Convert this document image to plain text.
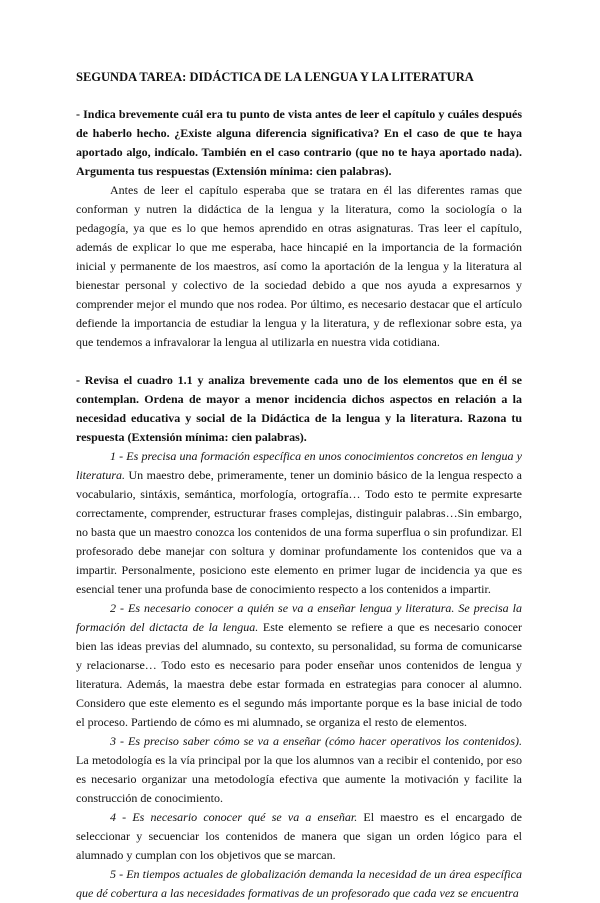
SEGUNDA TAREA: DIDÁCTICA DE LA LENGUA Y LA LITERATURA

- Indica brevemente cuál era tu punto de vista antes de leer el capítulo y cuáles después de haberlo hecho. ¿Existe alguna diferencia significativa? En el caso de que te haya aportado algo, indícalo. También en el caso contrario (que no te haya aportado nada). Argumenta tus respuestas (Extensión mínima: cien palabras).

Antes de leer el capítulo esperaba que se tratara en él las diferentes ramas que conforman y nutren la didáctica de la lengua y la literatura, como la sociología o la pedagogía, ya que es lo que hemos aprendido en otras asignaturas. Tras leer el capítulo, además de explicar lo que me esperaba, hace hincapié en la importancia de la formación inicial y permanente de los maestros, así como la aportación de la lengua y la literatura al bienestar personal y colectivo de la sociedad debido a que nos ayuda a expresarnos y comprender mejor el mundo que nos rodea. Por último, es necesario destacar que el artículo defiende la importancia de estudiar la lengua y la literatura, y de reflexionar sobre esta, ya que tendemos a infravalorar la lengua al utilizarla en nuestra vida cotidiana.

- Revisa el cuadro 1.1 y analiza brevemente cada uno de los elementos que en él se contemplan. Ordena de mayor a menor incidencia dichos aspectos en relación a la necesidad educativa y social de la Didáctica de la lengua y la literatura. Razona tu respuesta (Extensión mínima: cien palabras).

1 - Es precisa una formación específica en unos conocimientos concretos en lengua y literatura. Un maestro debe, primeramente, tener un dominio básico de la lengua respecto a vocabulario, sintáxis, semántica, morfología, ortografía… Todo esto te permite expresarte correctamente, comprender, estructurar frases complejas, distinguir palabras…Sin embargo, no basta que un maestro conozca los contenidos de una forma superflua o sin profundizar. El profesorado debe manejar con soltura y dominar profundamente los contenidos que va a impartir. Personalmente, posiciono este elemento en primer lugar de incidencia ya que es esencial tener una profunda base de conocimiento respecto a los contenidos a impartir.

2 - Es necesario conocer a quién se va a enseñar lengua y literatura. Se precisa la formación del dictacta de la lengua. Este elemento se refiere a que es necesario conocer bien las ideas previas del alumnado, su contexto, su personalidad, su forma de comunicarse y relacionarse… Todo esto es necesario para poder enseñar unos contenidos de lengua y literatura. Además, la maestra debe estar formada en estrategias para conocer al alumno. Considero que este elemento es el segundo más importante porque es la base inicial de todo el proceso. Partiendo de cómo es mi alumnado, se organiza el resto de elementos.

3 - Es preciso saber cómo se va a enseñar (cómo hacer operativos los contenidos). La metodología es la vía principal por la que los alumnos van a recibir el contenido, por eso es necesario organizar una metodología efectiva que aumente la motivación y facilite la construcción de conocimiento.

4 - Es necesario conocer qué se va a enseñar. El maestro es el encargado de seleccionar y secuenciar los contenidos de manera que sigan un orden lógico para el alumnado y cumplan con los objetivos que se marcan.

5 - En tiempos actuales de globalización demanda la necesidad de un área específica que dé cobertura a las necesidades formativas de un profesorado que cada vez se encuentra
